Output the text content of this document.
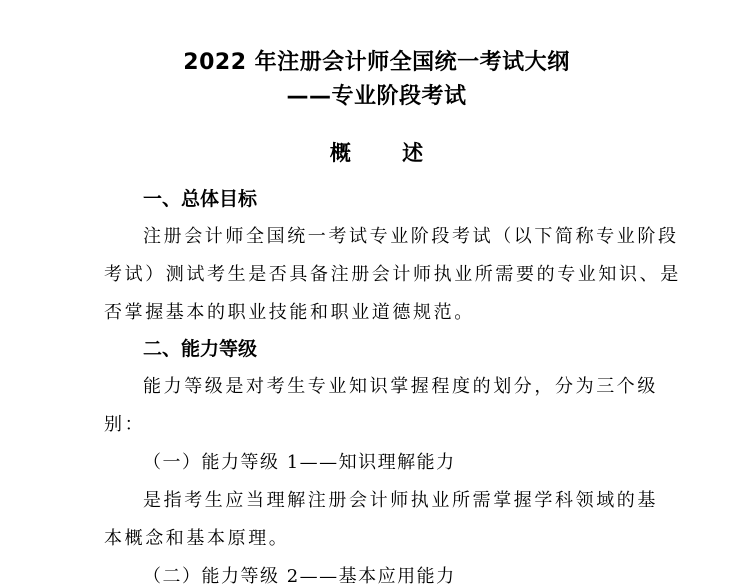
2022 年注册会计师全国统一考试大纲
——专业阶段考试
概 述
一、总体目标
注册会计师全国统一考试专业阶段考试（以下简称专业阶段
考试）测试考生是否具备注册会计师执业所需要的专业知识、是
否掌握基本的职业技能和职业道德规范。
二、能力等级
能力等级是对考生专业知识掌握程度的划分，分为三个级
别：
（一）能力等级 1——知识理解能力
是指考生应当理解注册会计师执业所需掌握学科领域的基
本概念和基本原理。
（二）能力等级 2——基本应用能力
